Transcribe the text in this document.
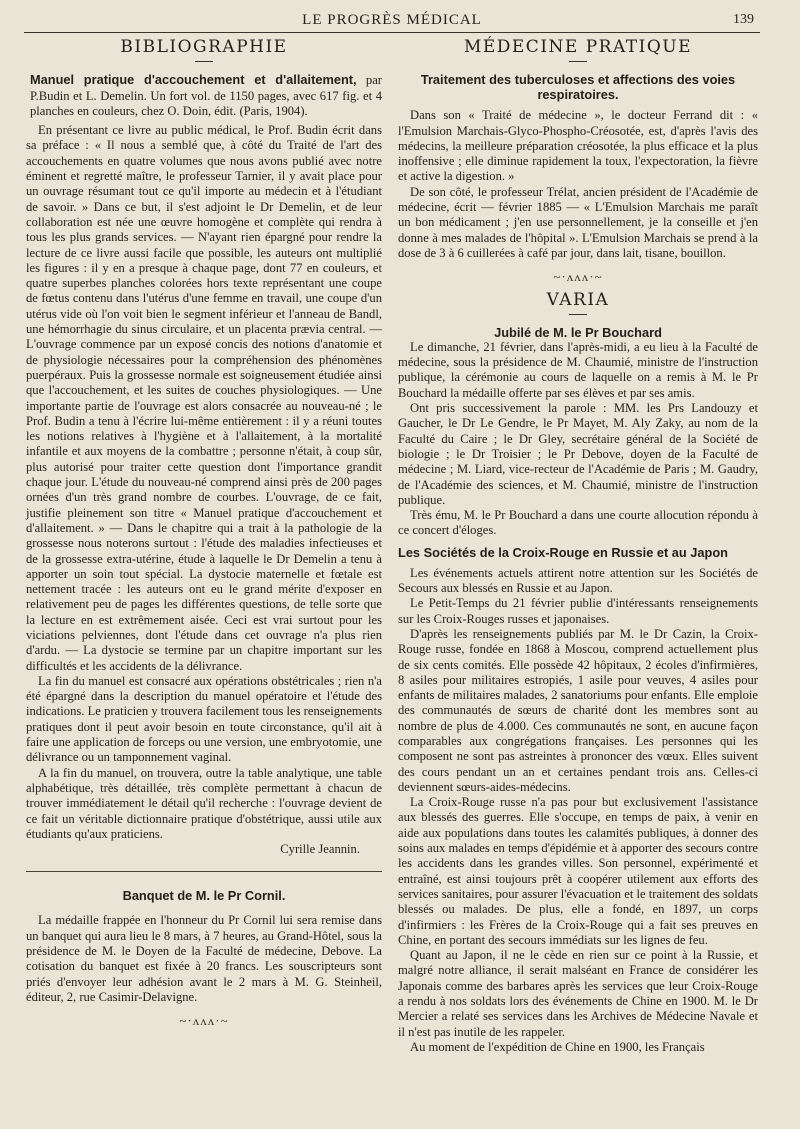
LE PROGRÈS MÉDICAL	139
BIBLIOGRAPHIE
Manuel pratique d'accouchement et d'allaitement, par P.Budin et L. Demelin. Un fort vol. de 1150 pages, avec 617 fig. et 4 planches en couleurs, chez O. Doin, édit. (Paris, 1904).

En présentant ce livre au public médical, le Prof. Budin écrit dans sa préface : « Il nous a semblé que, à côté du Traité de l'art des accouchements en quatre volumes que nous avons publié avec notre éminent et regretté maître, le professeur Tarnier, il y avait place pour un ouvrage résumant tout ce qu'il importe au médecin et à l'étudiant de savoir. » Dans ce but, il s'est adjoint le Dr Demelin, et de leur collaboration est née une œuvre homogène et complète qui rendra à tous les plus grands services. — N'ayant rien épargné pour rendre la lecture de ce livre aussi facile que possible, les auteurs ont multiplié les figures : il y en a presque à chaque page, dont 77 en couleurs, et quatre superbes planches colorées hors texte représentant une coupe de fœtus contenu dans l'utérus d'une femme en travail, une coupe d'un utérus vide où l'on voit bien le segment inférieur et l'anneau de Bandl, une hémorrhagie du sinus circulaire, et un placenta prævia central. — L'ouvrage commence par un exposé concis des notions d'anatomie et de physiologie nécessaires pour la compréhension des phénomènes puerpéraux. Puis la grossesse normale est soigneusement étudiée ainsi que l'accouchement, et les suites de couches physiologiques. — Une importante partie de l'ouvrage est alors consacrée au nouveau-né ; le Prof. Budin a tenu à l'écrire lui-même entièrement : il y a réuni toutes les notions relatives à l'hygiène et à l'allaitement, à la mortalité infantile et aux moyens de la combattre ; personne n'était, à coup sûr, plus autorisé pour traiter cette question dont l'importance grandit chaque jour. L'étude du nouveau-né comprend ainsi près de 200 pages ornées d'un très grand nombre de courbes. L'ouvrage, de ce fait, justifie pleinement son titre « Manuel pratique d'accouchement et d'allaitement. » — Dans le chapitre qui a trait à la pathologie de la grossesse nous noterons surtout : l'étude des maladies infectieuses et de la grossesse extra-utérine, étude à laquelle le Dr Demelin a tenu à apporter un soin tout spécial. La dystocie maternelle et fœtale est nettement tracée : les auteurs ont eu le grand mérite d'exposer en relativement peu de pages les différentes questions, de telle sorte que la lecture en est extrêmement aisée. Ceci est vrai surtout pour les viciations pelviennes, dont l'étude dans cet ouvrage n'a plus rien d'ardu. — La dystocie se termine par un chapitre important sur les difficultés et les accidents de la délivrance.

La fin du manuel est consacré aux opérations obstétricales ; rien n'a été épargné dans la description du manuel opératoire et l'étude des indications. Le praticien y trouvera facilement tous les renseignements pratiques dont il peut avoir besoin en toute circonstance, qu'il ait à faire une application de forceps ou une version, une embryotomie, une délivrance ou un tamponnement vaginal.

A la fin du manuel, on trouvera, outre la table analytique, une table alphabétique, très détaillée, très complète permettant à chacun de trouver immédiatement le détail qu'il recherche : l'ouvrage devient de ce fait un véritable dictionnaire pratique d'obstétrique, aussi utile aux étudiants qu'aux praticiens.

Cyrille Jeannin.

Banquet de M. le Pr Cornil.

La médaille frappée en l'honneur du Pr Cornil lui sera remise dans un banquet qui aura lieu le 8 mars, à 7 heures, au Grand-Hôtel, sous la présidence de M. le Doyen de la Faculté de médecine, Debove. La cotisation du banquet est fixée à 20 francs. Les souscripteurs sont priés d'envoyer leur adhésion avant le 2 mars à M. G. Steinheil, éditeur, 2, rue Casimir-Delavigne.

~·ʌʌʌ·~
MÉDECINE PRATIQUE
Traitement des tuberculoses et affections des voies respiratoires.

Dans son « Traité de médecine », le docteur Ferrand dit : « l'Emulsion Marchais-Glyco-Phospho-Créosotée, est, d'après l'avis des médecins, la meilleure préparation créosotée, la plus efficace et la plus inoffensive ; elle diminue rapidement la toux, l'expectoration, la fièvre et active la digestion. »

De son côté, le professeur Trélat, ancien président de l'Académie de médecine, écrit — février 1885 — « L'Emulsion Marchais me paraît un bon médicament ; j'en use personnellement, je la conseille et j'en donne à mes malades de l'hôpital ». L'Emulsion Marchais se prend à la dose de 3 à 6 cuillerées à café par jour, dans lait, tisane, bouillon.

~·ʌʌʌ·~
VARIA
Jubilé de M. le Pr Bouchard

Le dimanche, 21 février, dans l'après-midi, a eu lieu à la Faculté de médecine, sous la présidence de M. Chaumié, ministre de l'instruction publique, la cérémonie au cours de laquelle on a remis à M. le Pr Bouchard la médaille offerte par ses élèves et par ses amis.

Ont pris successivement la parole : MM. les Prs Landouzy et Gaucher, le Dr Le Gendre, le Pr Mayet, M. Aly Zaky, au nom de la Faculté du Caire ; le Dr Gley, secrétaire général de la Société de biologie ; le Dr Troisier ; le Pr Debove, doyen de la Faculté de médecine ; M. Liard, vice-recteur de l'Académie de Paris ; M. Gaudry, de l'Académie des sciences, et M. Chaumié, ministre de l'instruction publique.

Très ému, M. le Pr Bouchard a dans une courte allocution répondu à ce concert d'éloges.

Les Sociétés de la Croix-Rouge en Russie et au Japon

Les événements actuels attirent notre attention sur les Sociétés de Secours aux blessés en Russie et au Japon.

Le Petit-Temps du 21 février publie d'intéressants renseignements sur les Croix-Rouges russes et japonaises.

D'après les renseignements publiés par M. le Dr Cazin, la Croix-Rouge russe, fondée en 1868 à Moscou, comprend actuellement plus de six cents comités. Elle possède 42 hôpitaux, 2 écoles d'infirmières, 8 asiles pour militaires estropiés, 1 asile pour veuves, 4 asiles pour enfants de militaires malades, 2 sanatoriums pour enfants. Elle emploie des communautés de sœurs de charité dont les membres sont au nombre de plus de 4.000. Ces communautés ne sont, en aucune façon comparables aux congrégations françaises. Les personnes qui les composent ne sont pas astreintes à prononcer des vœux. Elles suivent des cours pendant un an et certaines pendant trois ans. Celles-ci deviennent sœurs-aides-médecins.

La Croix-Rouge russe n'a pas pour but exclusivement l'assistance aux blessés des guerres. Elle s'occupe, en temps de paix, à venir en aide aux populations dans toutes les calamités publiques, à donner des soins aux malades en temps d'épidémie et à apporter des secours contre les accidents dans les grandes villes. Son personnel, expérimenté et entraîné, est ainsi toujours prêt à coopérer utilement aux efforts des services sanitaires, pour assurer l'évacuation et le traitement des soldats blessés ou malades. De plus, elle a fondé, en 1897, un corps d'infirmiers : les Frères de la Croix-Rouge qui a fait ses preuves en Chine, en portant des secours immédiats sur les lignes de feu.

Quant au Japon, il ne le cède en rien sur ce point à la Russie, et malgré notre alliance, il serait malséant en France de considérer les Japonais comme des barbares après les services que leur Croix-Rouge a rendu à nos soldats lors des événements de Chine en 1900. M. le Dr Mercier a relaté ses services dans les Archives de Médecine Navale et il n'est pas inutile de les rappeler.

Au moment de l'expédition de Chine en 1900, les Français
